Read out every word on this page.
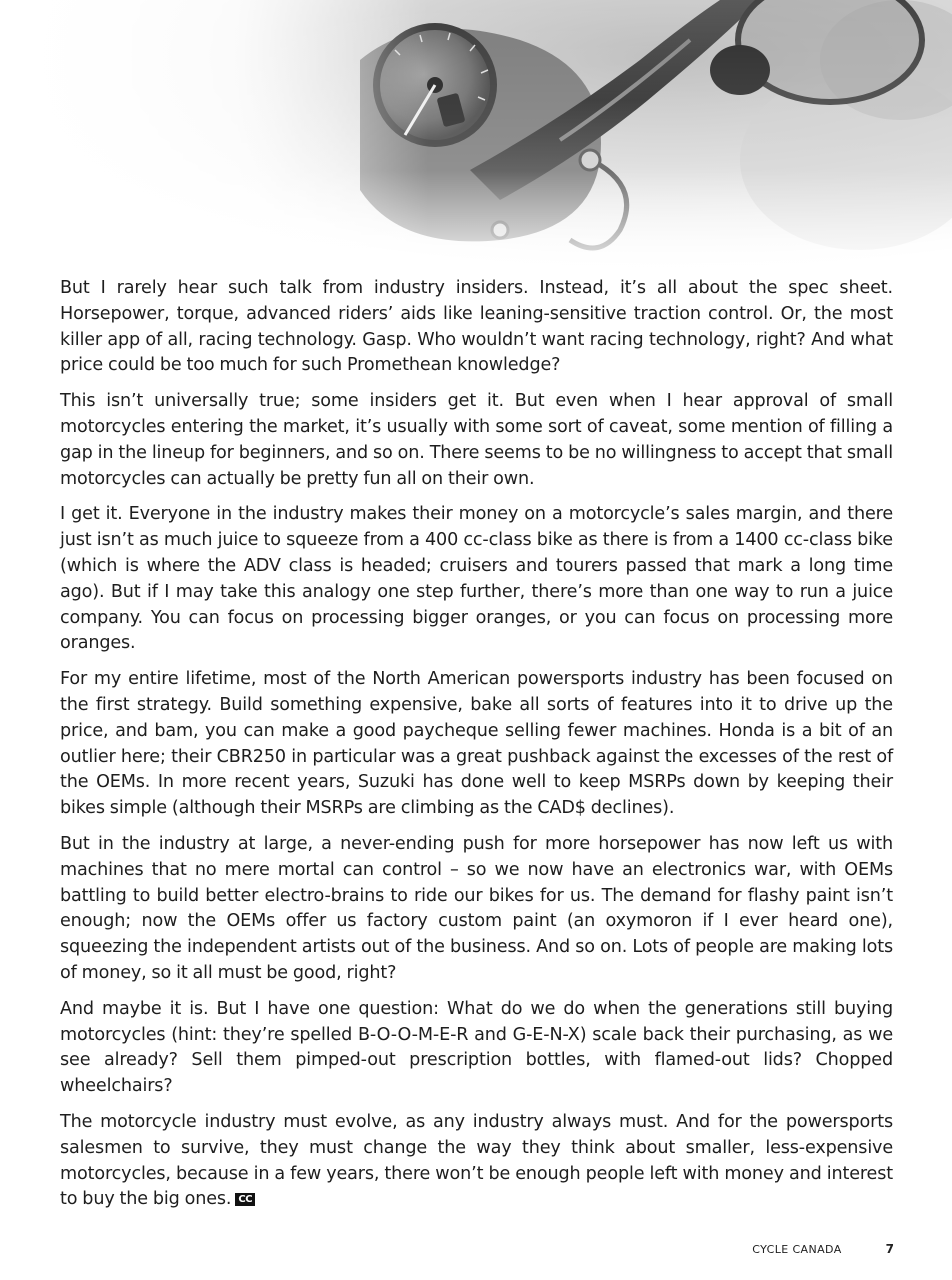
But I rarely hear such talk from industry insiders. Instead, it’s all about the spec sheet. Horsepower, torque, advanced riders’ aids like leaning-sensitive traction control. Or, the most killer app of all, racing technology. Gasp. Who wouldn’t want racing technology, right? And what price could be too much for such Promethean knowledge?

This isn’t universally true; some insiders get it. But even when I hear approval of small motorcycles entering the market, it’s usually with some sort of caveat, some mention of filling a gap in the lineup for beginners, and so on. There seems to be no willingness to accept that small motorcycles can actually be pretty fun all on their own.

I get it. Everyone in the industry makes their money on a motorcycle’s sales margin, and there just isn’t as much juice to squeeze from a 400 cc-class bike as there is from a 1400 cc-class bike (which is where the ADV class is headed; cruisers and tourers passed that mark a long time ago). But if I may take this analogy one step further, there’s more than one way to run a juice company. You can focus on processing bigger oranges, or you can focus on processing more oranges.

For my entire lifetime, most of the North American powersports industry has been focused on the first strategy. Build something expensive, bake all sorts of features into it to drive up the price, and bam, you can make a good paycheque selling fewer machines. Honda is a bit of an outlier here; their CBR250 in particular was a great pushback against the excesses of the rest of the OEMs. In more recent years, Suzuki has done well to keep MSRPs down by keeping their bikes simple (although their MSRPs are climbing as the CAD$ declines).

But in the industry at large, a never-ending push for more horsepower has now left us with machines that no mere mortal can control – so we now have an electronics war, with OEMs battling to build better electro-brains to ride our bikes for us. The demand for flashy paint isn’t enough; now the OEMs offer us factory custom paint (an oxymoron if I ever heard one), squeezing the independent artists out of the business. And so on. Lots of people are making lots of money, so it all must be good, right?

And maybe it is. But I have one question: What do we do when the generations still buying motorcycles (hint: they’re spelled B-O-O-M-E-R and G-E-N-X) scale back their purchasing, as we see already? Sell them pimped-out prescription bottles, with flamed-out lids? Chopped wheelchairs?

The motorcycle industry must evolve, as any industry always must. And for the powersports salesmen to survive, they must change the way they think about smaller, less-expensive motorcycles, because in a few years, there won’t be enough people left with money and interest to buy the big ones. CC

CYCLE CANADA	7
